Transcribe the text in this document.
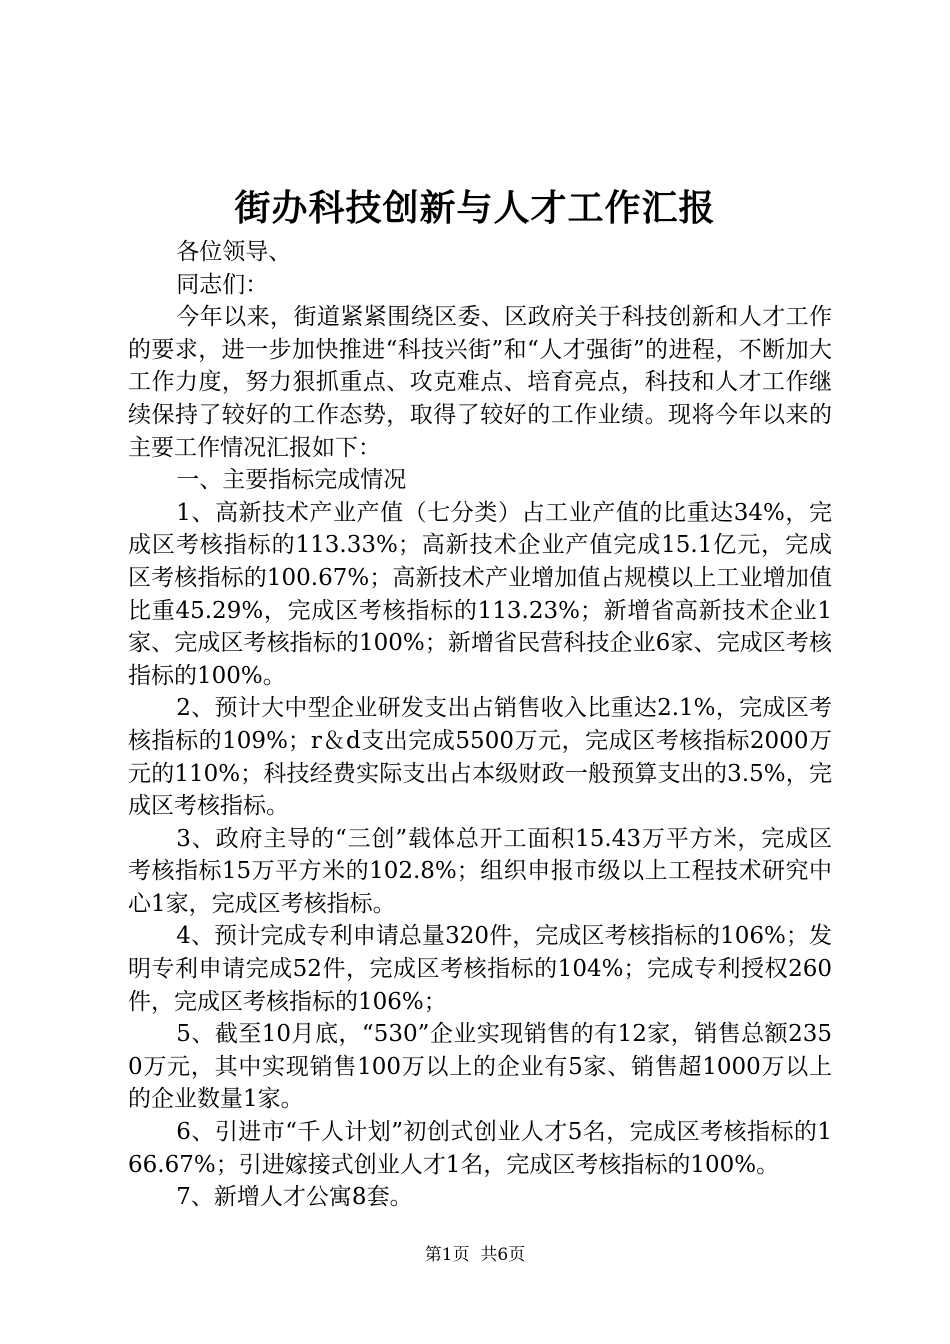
街办科技创新与人才工作汇报

各位领导、

同志们：

今年以来，街道紧紧围绕区委、区政府关于科技创新和人才工作的要求，进一步加快推进“科技兴街”和“人才强街”的进程，不断加大工作力度，努力狠抓重点、攻克难点、培育亮点，科技和人才工作继续保持了较好的工作态势，取得了较好的工作业绩。现将今年以来的主要工作情况汇报如下：

一、主要指标完成情况

1、高新技术产业产值（七分类）占工业产值的比重达34%，完成区考核指标的113.33%；高新技术企业产值完成15.1亿元，完成区考核指标的100.67%；高新技术产业增加值占规模以上工业增加值比重45.29%，完成区考核指标的113.23%；新增省高新技术企业1家、完成区考核指标的100%；新增省民营科技企业6家、完成区考核指标的100%。

2、预计大中型企业研发支出占销售收入比重达2.1%，完成区考核指标的109%；r＆d支出完成5500万元，完成区考核指标2000万元的110%；科技经费实际支出占本级财政一般预算支出的3.5%，完成区考核指标。

3、政府主导的“三创”载体总开工面积15.43万平方米，完成区考核指标15万平方米的102.8%；组织申报市级以上工程技术研究中心1家，完成区考核指标。

4、预计完成专利申请总量320件，完成区考核指标的106%；发明专利申请完成52件，完成区考核指标的104%；完成专利授权260件，完成区考核指标的106%；

5、截至10月底，“530”企业实现销售的有12家，销售总额2350万元，其中实现销售100万以上的企业有5家、销售超1000万以上的企业数量1家。

6、引进市“千人计划”初创式创业人才5名，完成区考核指标的166.67%；引进嫁接式创业人才1名，完成区考核指标的100%。

7、新增人才公寓8套。

第1页 共6页
